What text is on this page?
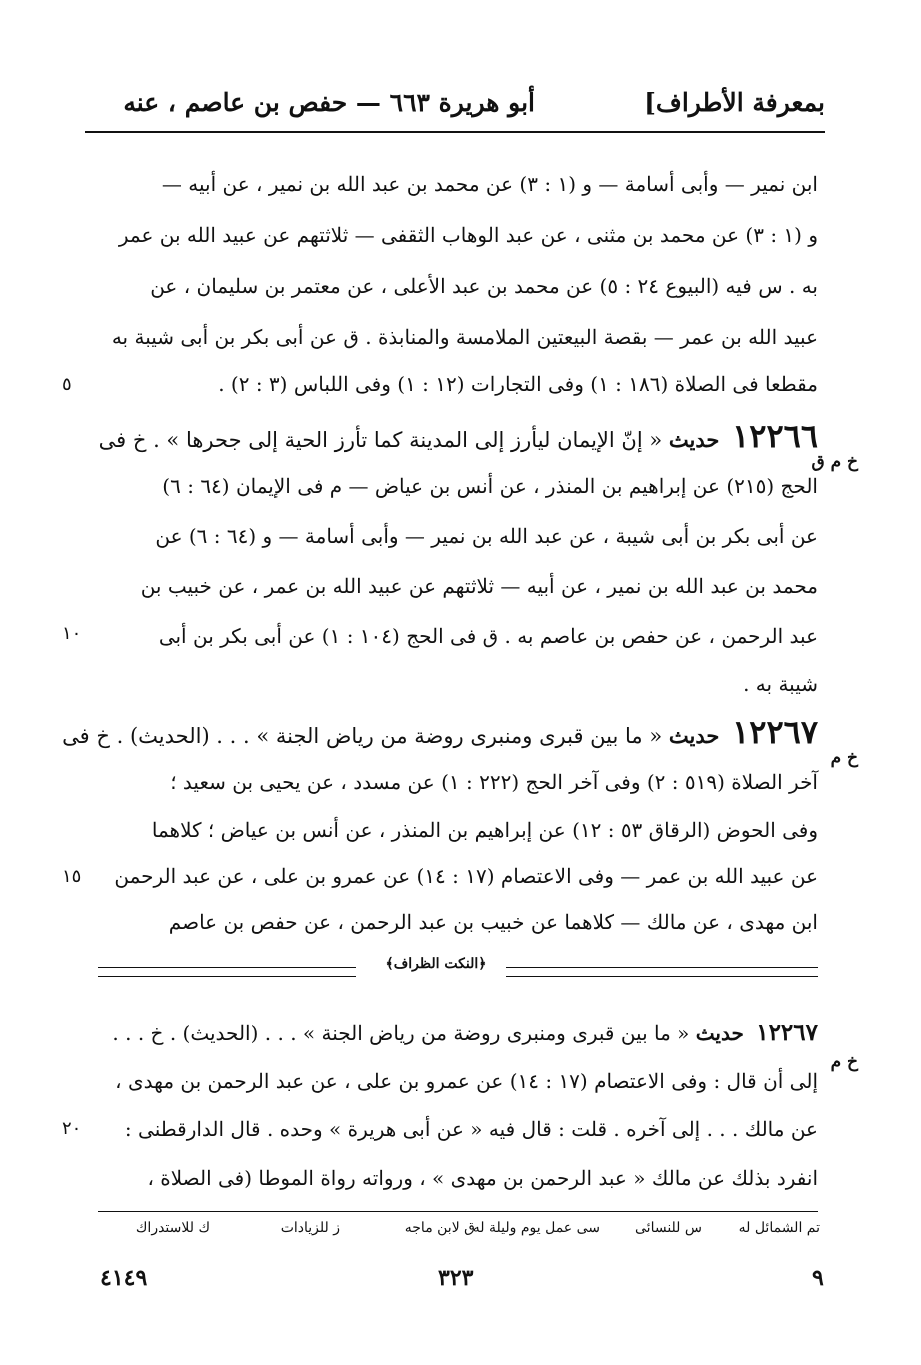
بمعرفة الأطراف]
أبو هريرة ٦٦٣ — حفص بن عاصم ، عنه
ابن نمير — وأبى أسامة — و (١ : ٣) عن محمد بن عبد الله بن نمير ، عن أبيه —
و (١ : ٣) عن محمد بن مثنى ، عن عبد الوهاب الثقفى — ثلاثتهم عن عبيد الله بن عمر
به . س فيه (البيوع ٢٤ : ٥) عن محمد بن عبد الأعلى ، عن معتمر بن سليمان ، عن
عبيد الله بن عمر — بقصة البيعتين الملامسة والمنابذة . ق عن أبى بكر بن أبى شيبة به
مقطعا فى الصلاة (١٨٦ : ١) وفى التجارات (١٢ : ١) وفى اللباس (٣ : ٢) .
١٢٢٦٦ حديث « إنّ الإيمان ليأرز إلى المدينة كما تأرز الحية إلى جحرها » . خ فى
خ م ق
الحج (٢١٥) عن إبراهيم بن المنذر ، عن أنس بن عياض — م فى الإيمان (٦٤ : ٦)
عن أبى بكر بن أبى شيبة ، عن عبد الله بن نمير — وأبى أسامة — و (٦٤ : ٦) عن
محمد بن عبد الله بن نمير ، عن أبيه — ثلاثتهم عن عبيد الله بن عمر ، عن خبيب بن
عبد الرحمن ، عن حفص بن عاصم به . ق فى الحج (١٠٤ : ١) عن أبى بكر بن أبى
شيبة به .
١٢٢٦٧ حديث « ما بين قبرى ومنبرى روضة من رياض الجنة » . . . (الحديث) . خ فى
خ م
آخر الصلاة (٥١٩ : ٢) وفى آخر الحج (٢٢٢ : ١) عن مسدد ، عن يحيى بن سعيد ؛
وفى الحوض (الرقاق ٥٣ : ١٢) عن إبراهيم بن المنذر ، عن أنس بن عياض ؛ كلاهما
عن عبيد الله بن عمر — وفى الاعتصام (١٧ : ١٤) عن عمرو بن على ، عن عبد الرحمن
ابن مهدى ، عن مالك — كلاهما عن خبيب بن عبد الرحمن ، عن حفص بن عاصم
﴿النكت الظراف﴾
١٢٢٦٧ حديث « ما بين قبرى ومنبرى روضة من رياض الجنة » . . . (الحديث) . خ . . .
خ م
إلى أن قال : وفى الاعتصام (١٧ : ١٤) عن عمرو بن على ، عن عبد الرحمن بن مهدى ،
عن مالك . . . إلى آخره . قلت : قال فيه « عن أبى هريرة » وحده . قال الدارقطنى :
انفرد بذلك عن مالك « عبد الرحمن بن مهدى » ، ورواته رواة الموطا (فى الصلاة ،
٥
١٠
١٥
٢٠
تم الشمائل له
س للنسائى
سى عمل يوم وليلة له
ق لابن ماجه
ز للزيادات
ك للاستدراك
٤١٤٩	٣٢٣	٩
